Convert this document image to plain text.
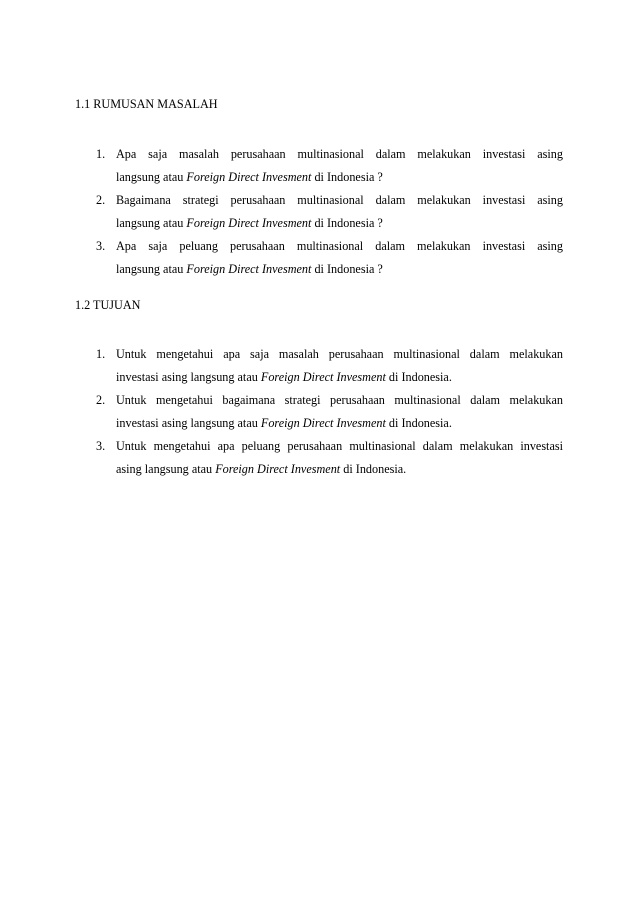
1.1 RUMUSAN MASALAH
1. Apa saja masalah perusahaan multinasional dalam melakukan investasi asing
langsung atau Foreign Direct Invesment di Indonesia ?
2. Bagaimana strategi perusahaan multinasional dalam melakukan investasi asing
langsung atau Foreign Direct Invesment di Indonesia ?
3. Apa saja peluang perusahaan multinasional dalam melakukan investasi asing
langsung atau Foreign Direct Invesment di Indonesia ?
1.2 TUJUAN
1. Untuk mengetahui apa saja masalah perusahaan multinasional dalam melakukan
investasi asing langsung atau Foreign Direct Invesment di Indonesia.
2. Untuk mengetahui bagaimana strategi perusahaan multinasional dalam melakukan
investasi asing langsung atau Foreign Direct Invesment di Indonesia.
3. Untuk mengetahui apa peluang perusahaan multinasional dalam melakukan investasi
asing langsung atau Foreign Direct Invesment di Indonesia.
